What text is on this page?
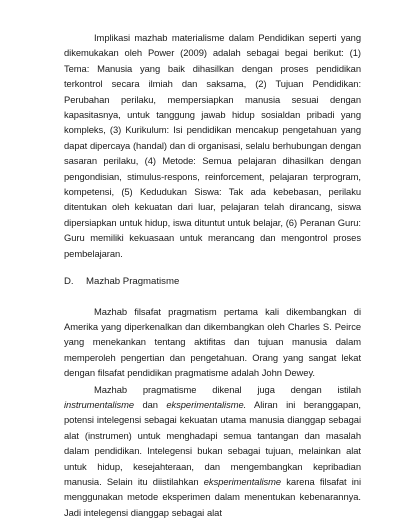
Implikasi mazhab materialisme dalam Pendidikan seperti yang dikemukakan oleh Power (2009) adalah sebagai begai berikut: (1) Tema: Manusia yang baik dihasilkan dengan proses pendidikan terkontrol secara ilmiah dan saksama, (2) Tujuan Pendidikan: Perubahan perilaku, mempersiapkan manusia sesuai dengan kapasitasnya, untuk tanggung jawab hidup sosialdan pribadi yang kompleks, (3) Kurikulum: Isi pendidikan mencakup pengetahuan yang dapat dipercaya (handal) dan di organisasi, selalu berhubungan dengan sasaran perilaku, (4) Metode: Semua pelajaran dihasilkan dengan pengondisian, stimulus-respons, reinforcement, pelajaran terprogram, kompetensi, (5) Kedudukan Siswa: Tak ada kebebasan, perilaku ditentukan oleh kekuatan dari luar, pelajaran telah dirancang, siswa dipersiapkan untuk hidup, iswa dituntut untuk belajar, (6) Peranan Guru: Guru memiliki kekuasaan untuk merancang dan mengontrol proses pembelajaran.

D.	Mazhab Pragmatisme

Mazhab filsafat pragmatism pertama kali dikembangkan di Amerika yang diperkenalkan dan dikembangkan oleh Charles S. Peirce yang menekankan tentang aktifitas dan tujuan manusia dalam memperoleh pengertian dan pengetahuan. Orang yang sangat lekat dengan filsafat pendidikan pragmatisme adalah John Dewey.

Mazhab pragmatisme dikenal juga dengan istilah instrumentalisme dan eksperimentalisme. Aliran ini beranggapan, potensi intelegensi sebagai kekuatan utama manusia dianggap sebagai alat (instrumen) untuk menghadapi semua tantangan dan masalah dalam pendidikan. Intelegensi bukan sebagai tujuan, melainkan alat untuk hidup, kesejahteraan, dan mengembangkan kepribadian manusia. Selain itu diistilahkan eksperimentalisme karena filsafat ini menggunakan metode eksperimen dalam menentukan kebenarannya. Jadi intelegensi dianggap sebagai alat
